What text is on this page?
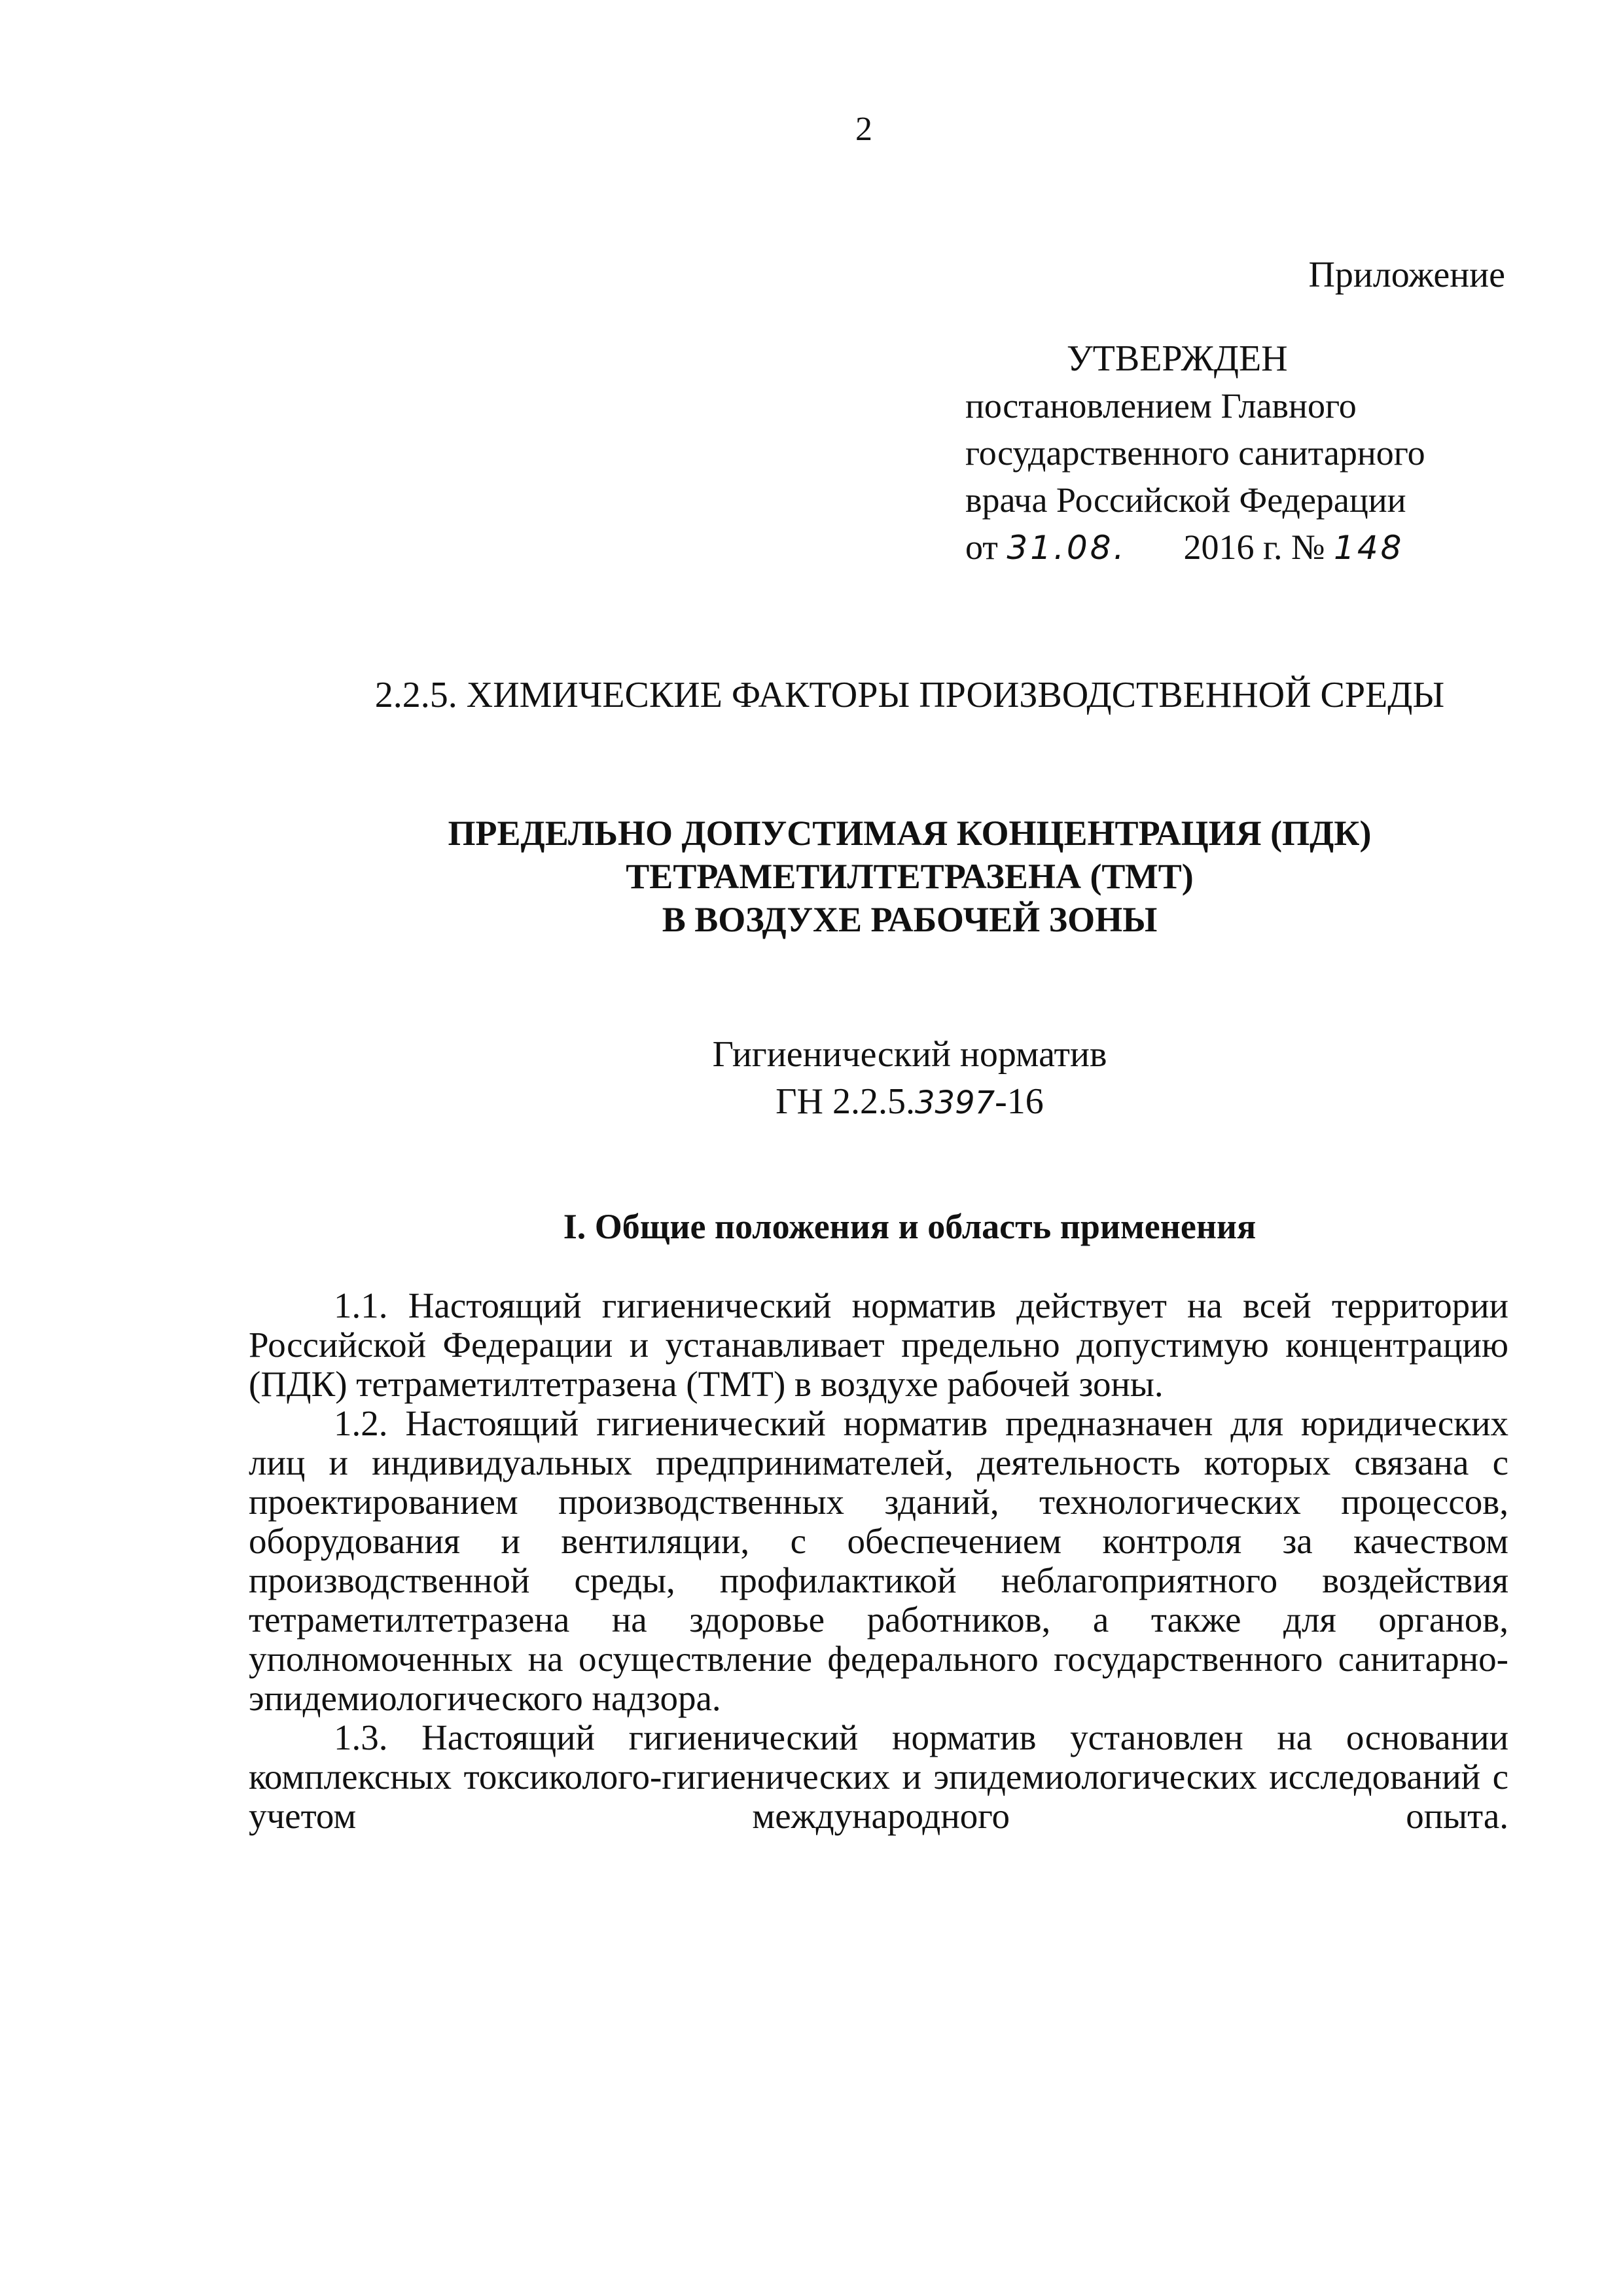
2
Приложение
УТВЕРЖДЕН
постановлением Главного
государственного санитарного
врача Российской Федерации
от 31.08. 2016 г. № 148
2.2.5. ХИМИЧЕСКИЕ ФАКТОРЫ ПРОИЗВОДСТВЕННОЙ СРЕДЫ
ПРЕДЕЛЬНО ДОПУСТИМАЯ КОНЦЕНТРАЦИЯ (ПДК)
ТЕТРАМЕТИЛТЕТРАЗЕНА (ТМТ)
В ВОЗДУХЕ РАБОЧЕЙ ЗОНЫ
Гигиенический норматив
ГН 2.2.5.3397-16
I. Общие положения и область применения

1.1. Настоящий гигиенический норматив действует на всей территории Российской Федерации и устанавливает предельно допустимую концентрацию (ПДК) тетраметилтетразена (ТМТ) в воздухе рабочей зоны.

1.2. Настоящий гигиенический норматив предназначен для юридических лиц и индивидуальных предпринимателей, деятельность которых связана с проектированием производственных зданий, технологических процессов, оборудования и вентиляции, с обеспечением контроля за качеством производственной среды, профилактикой неблагоприятного воздействия тетраметилтетразена на здоровье работников, а также для органов, уполномоченных на осуществление федерального государственного санитарно-эпидемиологического надзора.

1.3. Настоящий гигиенический норматив установлен на основании комплексных токсиколого-гигиенических и эпидемиологических исследований с учетом международного опыта.
